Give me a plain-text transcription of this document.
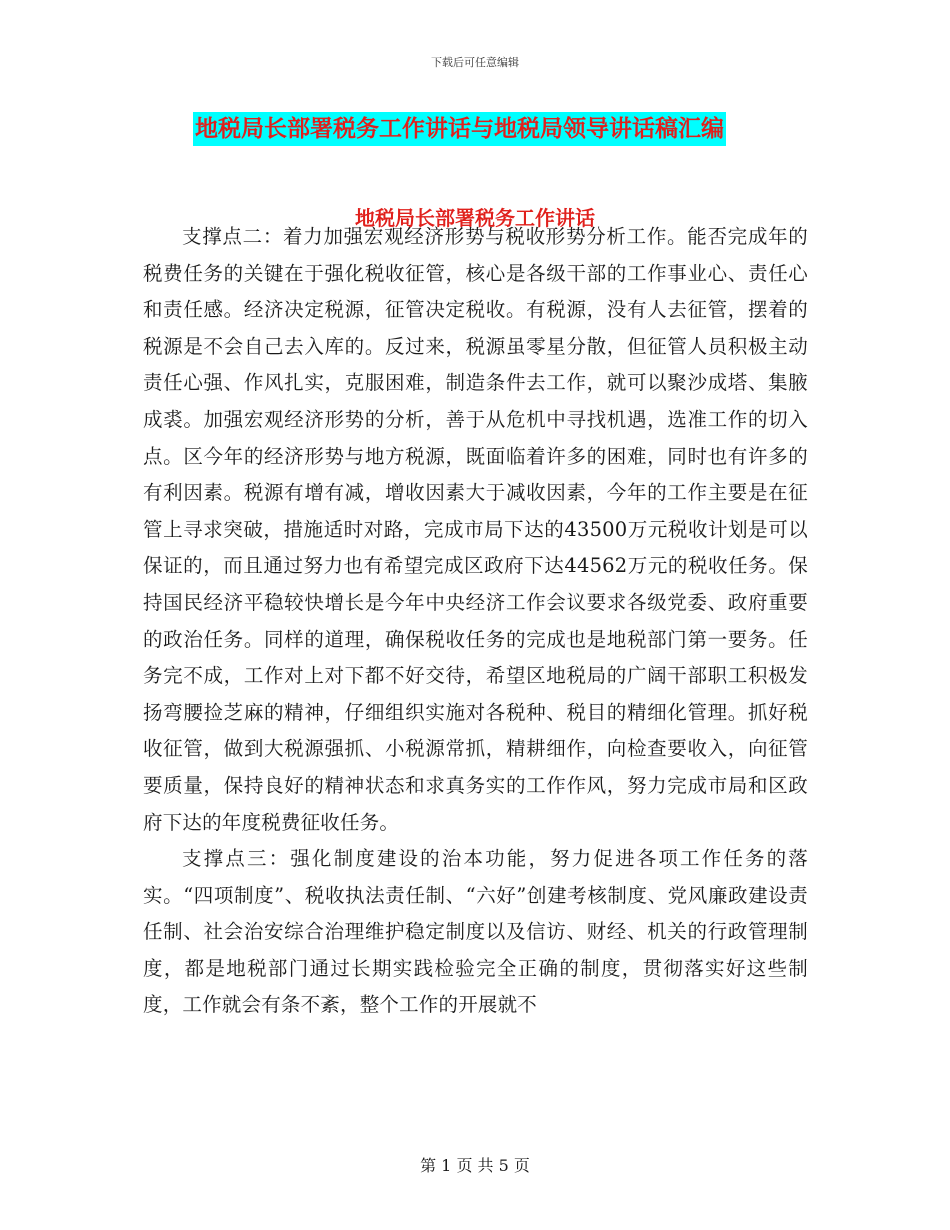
下载后可任意编辑
地税局长部署税务工作讲话与地税局领导讲话稿汇编
地税局长部署税务工作讲话

支撑点二：着力加强宏观经济形势与税收形势分析工作。能否完成年的税费任务的关键在于强化税收征管，核心是各级干部的工作事业心、责任心和责任感。经济决定税源，征管决定税收。有税源，没有人去征管，摆着的税源是不会自己去入库的。反过来，税源虽零星分散，但征管人员积极主动责任心强、作风扎实，克服困难，制造条件去工作，就可以聚沙成塔、集腋成裘。加强宏观经济形势的分析，善于从危机中寻找机遇，选准工作的切入点。区今年的经济形势与地方税源，既面临着许多的困难，同时也有许多的有利因素。税源有增有减，增收因素大于减收因素，今年的工作主要是在征管上寻求突破，措施适时对路，完成市局下达的43500万元税收计划是可以保证的，而且通过努力也有希望完成区政府下达44562万元的税收任务。保持国民经济平稳较快增长是今年中央经济工作会议要求各级党委、政府重要的政治任务。同样的道理，确保税收任务的完成也是地税部门第一要务。任务完不成，工作对上对下都不好交待，希望区地税局的广阔干部职工积极发扬弯腰捡芝麻的精神，仔细组织实施对各税种、税目的精细化管理。抓好税收征管，做到大税源强抓、小税源常抓，精耕细作，向检查要收入，向征管要质量，保持良好的精神状态和求真务实的工作作风，努力完成市局和区政府下达的年度税费征收任务。

支撑点三：强化制度建设的治本功能，努力促进各项工作任务的落实。“四项制度”、税收执法责任制、“六好”创建考核制度、党风廉政建设责任制、社会治安综合治理维护稳定制度以及信访、财经、机关的行政管理制度，都是地税部门通过长期实践检验完全正确的制度，贯彻落实好这些制度，工作就会有条不紊，整个工作的开展就不

第 1 页 共 5 页
